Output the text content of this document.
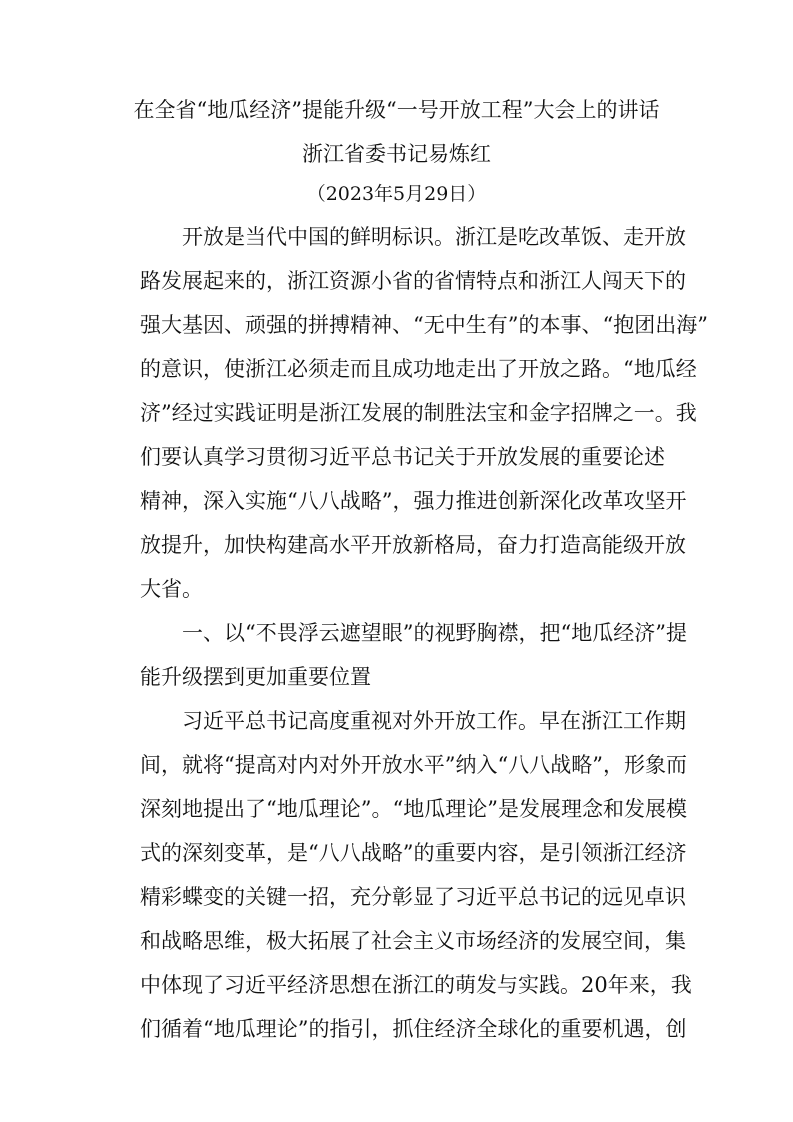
在全省“地瓜经济”提能升级“一号开放工程”大会上的讲话
浙江省委书记易炼红
（2023年5月29日）
开放是当代中国的鲜明标识。浙江是吃改革饭、走开放
路发展起来的，浙江资源小省的省情特点和浙江人闯天下的
强大基因、顽强的拼搏精神、“无中生有”的本事、“抱团出海”
的意识，使浙江必须走而且成功地走出了开放之路。“地瓜经
济”经过实践证明是浙江发展的制胜法宝和金字招牌之一。我
们要认真学习贯彻习近平总书记关于开放发展的重要论述
精神，深入实施“八八战略”，强力推进创新深化改革攻坚开
放提升，加快构建高水平开放新格局，奋力打造高能级开放
大省。
一、以“不畏浮云遮望眼”的视野胸襟，把“地瓜经济”提
能升级摆到更加重要位置
习近平总书记高度重视对外开放工作。早在浙江工作期
间，就将“提高对内对外开放水平”纳入“八八战略”，形象而
深刻地提出了“地瓜理论”。“地瓜理论”是发展理念和发展模
式的深刻变革，是“八八战略”的重要内容，是引领浙江经济
精彩蝶变的关键一招，充分彰显了习近平总书记的远见卓识
和战略思维，极大拓展了社会主义市场经济的发展空间，集
中体现了习近平经济思想在浙江的萌发与实践。20年来，我
们循着“地瓜理论”的指引，抓住经济全球化的重要机遇，创
